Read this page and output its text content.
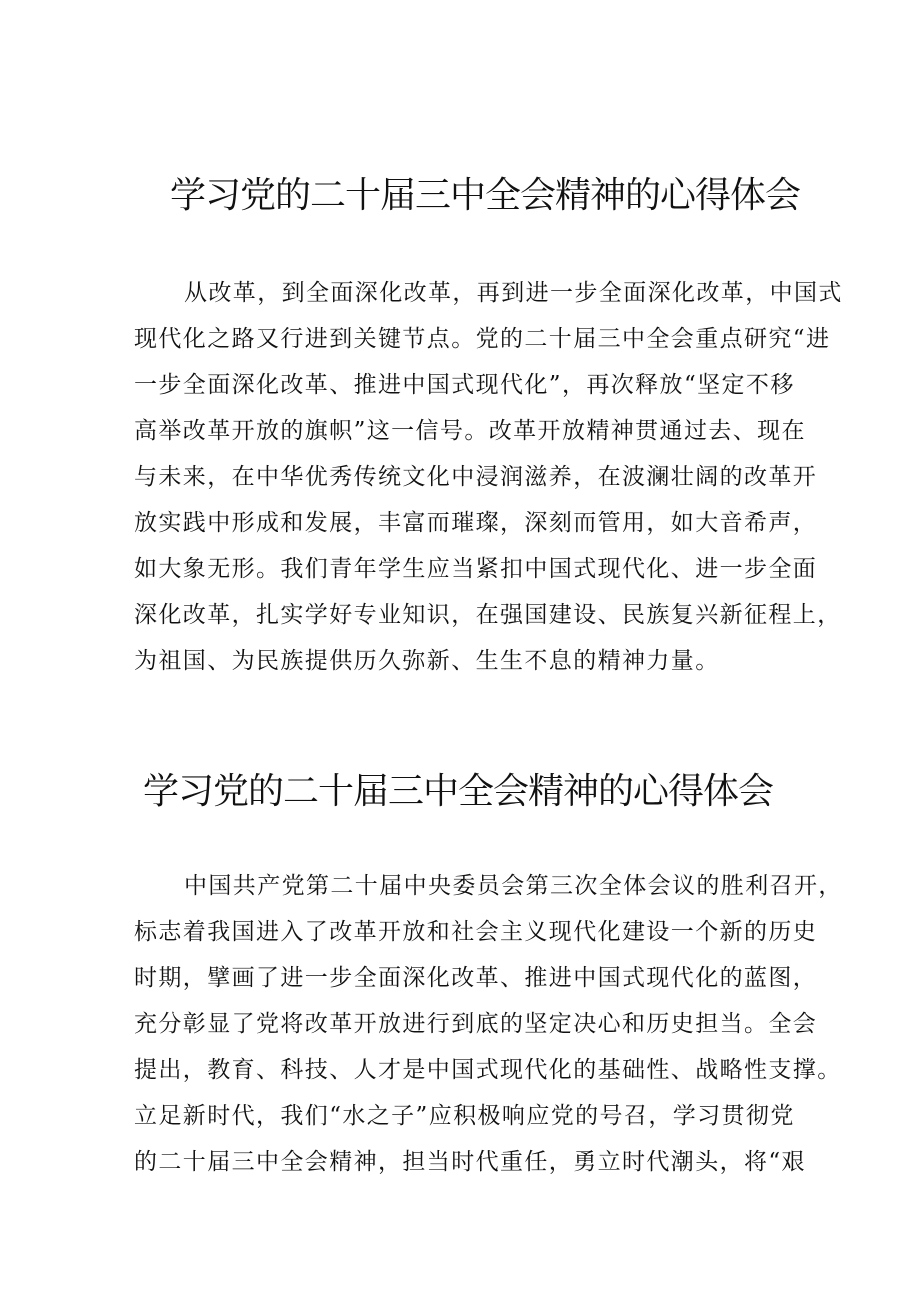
学习党的二十届三中全会精神的心得体会
从改革，到全面深化改革，再到进一步全面深化改革，中国式
现代化之路又行进到关键节点。党的二十届三中全会重点研究“进
一步全面深化改革、推进中国式现代化”，再次释放“坚定不移
高举改革开放的旗帜”这一信号。改革开放精神贯通过去、现在
与未来，在中华优秀传统文化中浸润滋养，在波澜壮阔的改革开
放实践中形成和发展，丰富而璀璨，深刻而管用，如大音希声，
如大象无形。我们青年学生应当紧扣中国式现代化、进一步全面
深化改革，扎实学好专业知识，在强国建设、民族复兴新征程上，
为祖国、为民族提供历久弥新、生生不息的精神力量。
学习党的二十届三中全会精神的心得体会
中国共产党第二十届中央委员会第三次全体会议的胜利召开，
标志着我国进入了改革开放和社会主义现代化建设一个新的历史
时期，擘画了进一步全面深化改革、推进中国式现代化的蓝图，
充分彰显了党将改革开放进行到底的坚定决心和历史担当。全会
提出，教育、科技、人才是中国式现代化的基础性、战略性支撑。
立足新时代，我们“水之子”应积极响应党的号召，学习贯彻党
的二十届三中全会精神，担当时代重任，勇立时代潮头，将“艰
